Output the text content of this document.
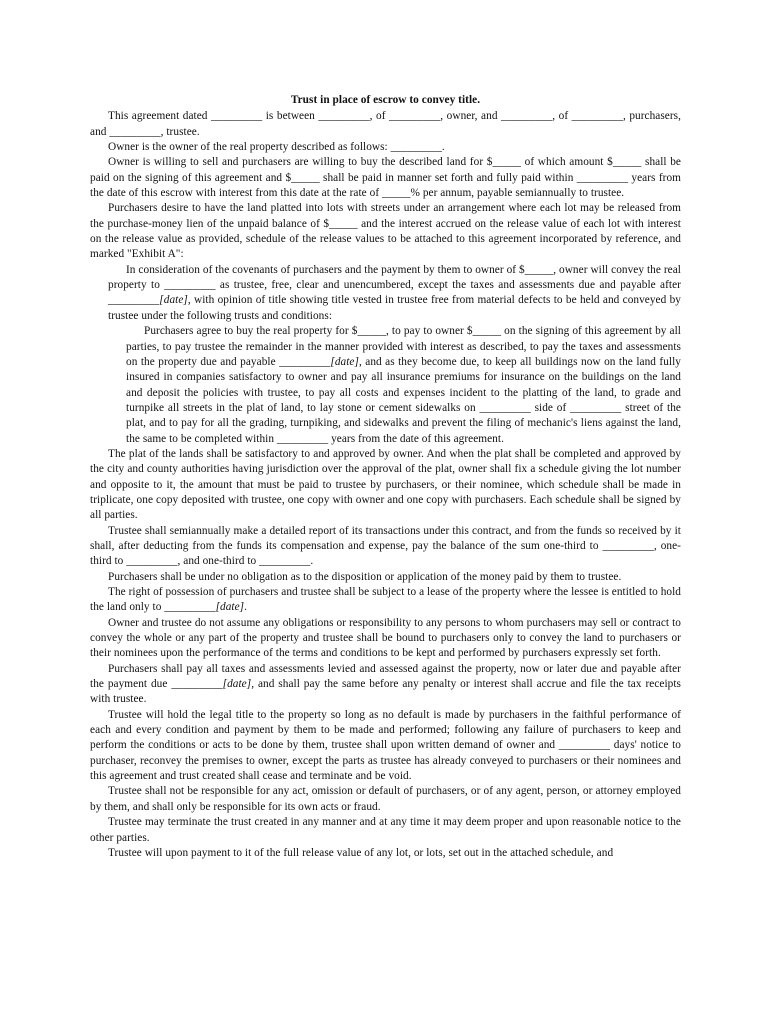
Trust in place of escrow to convey title.

This agreement dated _________ is between _________, of _________, owner, and _________, of _________, purchasers, and _________, trustee.

Owner is the owner of the real property described as follows: _________.

Owner is willing to sell and purchasers are willing to buy the described land for $_____ of which amount $_____ shall be paid on the signing of this agreement and $_____ shall be paid in manner set forth and fully paid within _________ years from the date of this escrow with interest from this date at the rate of _____% per annum, payable semiannually to trustee.

Purchasers desire to have the land platted into lots with streets under an arrangement where each lot may be released from the purchase-money lien of the unpaid balance of $_____ and the interest accrued on the release value of each lot with interest on the release value as provided, schedule of the release values to be attached to this agreement incorporated by reference, and marked "Exhibit A":

In consideration of the covenants of purchasers and the payment by them to owner of $_____, owner will convey the real property to _________ as trustee, free, clear and unencumbered, except the taxes and assessments due and payable after _________[date], with opinion of title showing title vested in trustee free from material defects to be held and conveyed by trustee under the following trusts and conditions:

Purchasers agree to buy the real property for $_____, to pay to owner $_____ on the signing of this agreement by all parties, to pay trustee the remainder in the manner provided with interest as described, to pay the taxes and assessments on the property due and payable _________[date], and as they become due, to keep all buildings now on the land fully insured in companies satisfactory to owner and pay all insurance premiums for insurance on the buildings on the land and deposit the policies with trustee, to pay all costs and expenses incident to the platting of the land, to grade and turnpike all streets in the plat of land, to lay stone or cement sidewalks on _________ side of _________ street of the plat, and to pay for all the grading, turnpiking, and sidewalks and prevent the filing of mechanic's liens against the land, the same to be completed within _________ years from the date of this agreement.

The plat of the lands shall be satisfactory to and approved by owner. And when the plat shall be completed and approved by the city and county authorities having jurisdiction over the approval of the plat, owner shall fix a schedule giving the lot number and opposite to it, the amount that must be paid to trustee by purchasers, or their nominee, which schedule shall be made in triplicate, one copy deposited with trustee, one copy with owner and one copy with purchasers. Each schedule shall be signed by all parties.

Trustee shall semiannually make a detailed report of its transactions under this contract, and from the funds so received by it shall, after deducting from the funds its compensation and expense, pay the balance of the sum one-third to _________, one-third to _________, and one-third to _________.

Purchasers shall be under no obligation as to the disposition or application of the money paid by them to trustee.

The right of possession of purchasers and trustee shall be subject to a lease of the property where the lessee is entitled to hold the land only to _________[date].

Owner and trustee do not assume any obligations or responsibility to any persons to whom purchasers may sell or contract to convey the whole or any part of the property and trustee shall be bound to purchasers only to convey the land to purchasers or their nominees upon the performance of the terms and conditions to be kept and performed by purchasers expressly set forth.

Purchasers shall pay all taxes and assessments levied and assessed against the property, now or later due and payable after the payment due _________[date], and shall pay the same before any penalty or interest shall accrue and file the tax receipts with trustee.

Trustee will hold the legal title to the property so long as no default is made by purchasers in the faithful performance of each and every condition and payment by them to be made and performed; following any failure of purchasers to keep and perform the conditions or acts to be done by them, trustee shall upon written demand of owner and _________ days' notice to purchaser, reconvey the premises to owner, except the parts as trustee has already conveyed to purchasers or their nominees and this agreement and trust created shall cease and terminate and be void.

Trustee shall not be responsible for any act, omission or default of purchasers, or of any agent, person, or attorney employed by them, and shall only be responsible for its own acts or fraud.

Trustee may terminate the trust created in any manner and at any time it may deem proper and upon reasonable notice to the other parties.

Trustee will upon payment to it of the full release value of any lot, or lots, set out in the attached schedule, and
